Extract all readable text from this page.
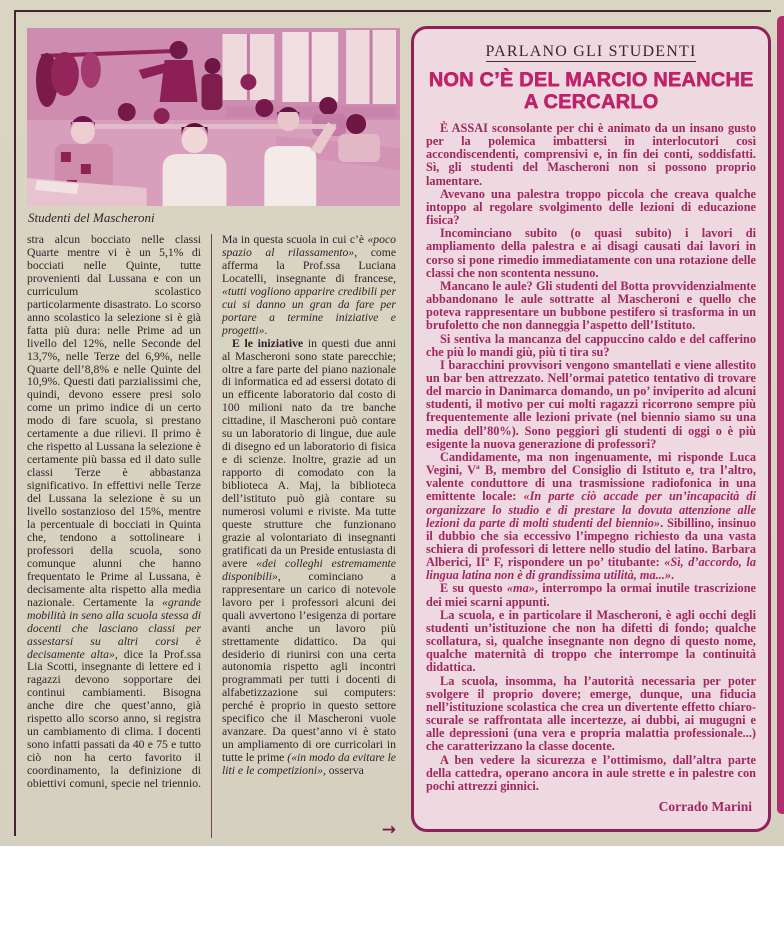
Studenti del Mascheroni

stra alcun bocciato nelle classi Quarte mentre vi è un 5,1% di bocciati nelle Quinte, tutte provenienti dal Lussana e con un curriculum scolastico particolarmente disastrato. Lo scorso anno scolastico la selezione si è già fatta più dura: nelle Prime ad un livello del 12%, nelle Seconde del 13,7%, nelle Terze del 6,9%, nelle Quarte dell’8,8% e nelle Quinte del 10,9%. Questi dati parzialissimi che, quindi, devono essere presi solo come un primo indice di un certo modo di fare scuola, si prestano certamente a due rilievi. Il primo è che rispetto al Lussana la selezione è certamente più bassa ed il dato sulle classi Terze è abbastanza significativo. In effettivi nelle Terze del Lussana la selezione è su un livello sostanzioso del 15%, mentre la percentuale di bocciati in Quinta che, tendono a sottolineare i professori della scuola, sono comunque alunni che hanno frequentato le Prime al Lussana, è decisamente alta rispetto alla media nazionale. Certamente la «grande mobilità in seno alla scuola stessa di docenti che lasciano classi per assestarsi su altri corsi è decisamente alta», dice la Prof.ssa Lia Scotti, insegnante di lettere ed i ragazzi devono sopportare dei continui cambiamenti. Bisogna anche dire che quest’anno, già rispetto allo scorso anno, si registra un cambiamento di clima. I docenti sono infatti passati da 40 e 75 e tutto ciò non ha certo favorito il coordinamento, la definizione di obiettivi comuni, specie nel triennio. Ma in questa scuola in cui c’è «poco spazio al rilassamento», come afferma la Prof.ssa Luciana Locatelli, insegnante di francese, «tutti vogliono apparire credibili per cui si danno un gran da fare per portare a termine iniziative e progetti».

E le iniziative in questi due anni al Mascheroni sono state parecchie; oltre a fare parte del piano nazionale di informatica ed ad essersi dotato di un efficente laboratorio dal costo di 100 milioni nato da tre banche cittadine, il Mascheroni può contare su un laboratorio di lingue, due aule di disegno ed un laboratorio di fisica e di scienze. Inoltre, grazie ad un rapporto di comodato con la biblioteca A. Maj, la biblioteca dell’istituto può già contare su numerosi volumi e riviste. Ma tutte queste strutture che funzionano grazie al volontariato di insegnanti gratificati da un Preside entusiasta di avere «dei colleghi estremamente disponibili», cominciano a rappresentare un carico di notevole lavoro per i professori alcuni dei quali avvertono l’esigenza di portare avanti anche un lavoro più strettamente didattico. Da qui desiderio di riunirsi con una certa autonomia rispetto agli incontri programmati per tutti i docenti di alfabetizzazione sui computers: perché è proprio in questo settore specifico che il Mascheroni vuole avanzare. Da quest’anno vi è stato un ampliamento di ore curricolari in tutte le prime («in modo da evitare le liti e le competizioni», osserva

→
PARLANO GLI STUDENTI
NON C’È DEL MARCIO NEANCHE A CERCARLO

È ASSAI sconsolante per chi è animato da un insano gusto per la polemica imbattersi in interlocutori così accondiscendenti, comprensivi e, in fin dei conti, soddisfatti. Sì, gli studenti del Mascheroni non si possono proprio lamentare.

Avevano una palestra troppo piccola che creava qualche intoppo al regolare svolgimento delle lezioni di educazione fisica?

Incominciano subito (o quasi subito) i lavori di ampliamento della palestra e ai disagi causati dai lavori in corso si pone rimedio immediatamente con una rotazione delle classi che non scontenta nessuno.

Mancano le aule? Gli studenti del Botta provvidenzialmente abbandonano le aule sottratte al Mascheroni e quello che poteva rappresentare un bubbone pestifero si trasforma in un brufoletto che non danneggia l’aspetto dell’Istituto.

Si sentiva la mancanza del cappuccino caldo e del cafferino che più lo mandi giù, più ti tira su?

I baracchini provvisori vengono smantellati e viene allestito un bar ben attrezzato. Nell’ormai patetico tentativo di trovare del marcio in Danimarca domando, un po’ inviperito ad alcuni studenti, il motivo per cui molti ragazzi ricorrono sempre più frequentemente alle lezioni private (nel biennio siamo su una media dell’80%). Sono peggiori gli studenti di oggi o è più esigente la nuova generazione di professori?

Candidamente, ma non ingenuamente, mi risponde Luca Vegini, Vª B, membro del Consiglio di Istituto e, tra l’altro, valente conduttore di una trasmissione radiofonica in una emittente locale: «In parte ciò accade per un’incapacità di organizzare lo studio e di prestare la dovuta attenzione alle lezioni da parte di molti studenti del biennio». Sibillino, insinuo il dubbio che sia eccessivo l’impegno richiesto da una vasta schiera di professori di lettere nello studio del latino. Barbara Alberici, IIª F, rispondere un po’ titubante: «Sì, d’accordo, la lingua latina non è di grandissima utilità, ma...».

E su questo «ma», interrompo la ormai inutile trascrizione dei miei scarni appunti.

La scuola, e in particolare il Mascheroni, è agli occhi degli studenti un’istituzione che non ha difetti di fondo; qualche scollatura, sì, qualche insegnante non degno di questo nome, qualche maternità di troppo che interrompe la continuità didattica.

La scuola, insomma, ha l’autorità necessaria per poter svolgere il proprio dovere; emerge, dunque, una fiducia nell’istituzione scolastica che crea un divertente effetto chiaro-scurale se raffrontata alle incertezze, ai dubbi, ai mugugni e alle depressioni (una vera e propria malattia professionale...) che caratterizzano la classe docente.

A ben vedere la sicurezza e l’ottimismo, dall’altra parte della cattedra, operano ancora in aule strette e in palestre con pochi attrezzi ginnici.

Corrado Marini
